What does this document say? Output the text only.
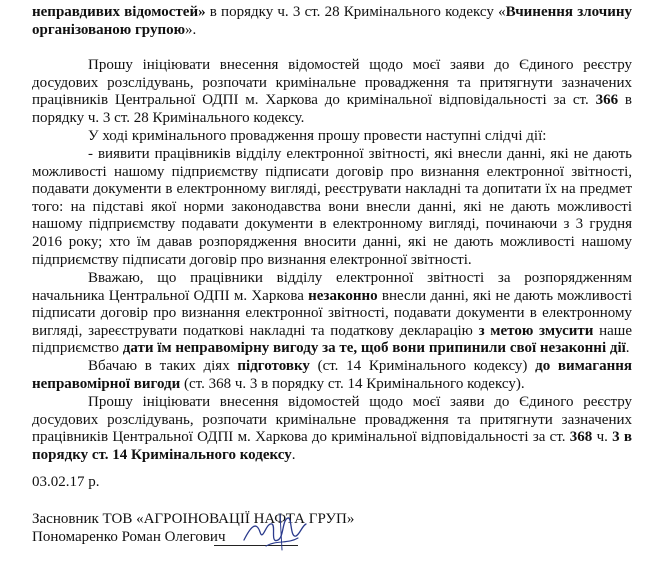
неправдивих відомостей» в порядку ч. 3 ст. 28 Кримінального кодексу «Вчинення злочину організованою групою».

Прошу ініціювати внесення відомостей щодо моєї заяви до Єдиного реєстру досудових розслідувань, розпочати кримінальне провадження та притягнути зазначених працівників Центральної ОДПІ м. Харкова до кримінальної відповідальності за ст. 366 в порядку ч. 3 ст. 28 Кримінального кодексу.

У ході кримінального провадження прошу провести наступні слідчі дії:

- виявити працівників відділу електронної звітності, які внесли данні, які не дають можливості нашому підприємству підписати договір про визнання електронної звітності, подавати документи в електронному вигляді, реєструвати накладні та допитати їх на предмет того: на підставі якої норми законодавства вони внесли данні, які не дають можливості нашому підприємству подавати документи в електронному вигляді, починаючи з 3 грудня 2016 року; хто їм давав розпорядження вносити данні, які не дають можливості нашому підприємству підписати договір про визнання електронної звітності.

Вважаю, що працівники відділу електронної звітності за розпорядженням начальника Центральної ОДПІ м. Харкова незаконно внесли данні, які не дають можливості підписати договір про визнання електронної звітності, подавати документи в електронному вигляді, зареєструвати податкові накладні та податкову декларацію з метою змусити наше підприємство дати їм неправомірну вигоду за те, щоб вони припинили свої незаконні дії.

Вбачаю в таких діях підготовку (ст. 14 Кримінального кодексу) до вимагання неправомірної вигоди (ст. 368 ч. 3 в порядку ст. 14 Кримінального кодексу).

Прошу ініціювати внесення відомостей щодо моєї заяви до Єдиного реєстру досудових розслідувань, розпочати кримінальне провадження та притягнути зазначених працівників Центральної ОДПІ м. Харкова до кримінальної відповідальності за ст. 368 ч. 3 в порядку ст. 14 Кримінального кодексу.

03.02.17 р.

Засновник ТОВ «АГРОІНОВАЦІЇ НАФТА ГРУП»

Пономаренко Роман Олегович
